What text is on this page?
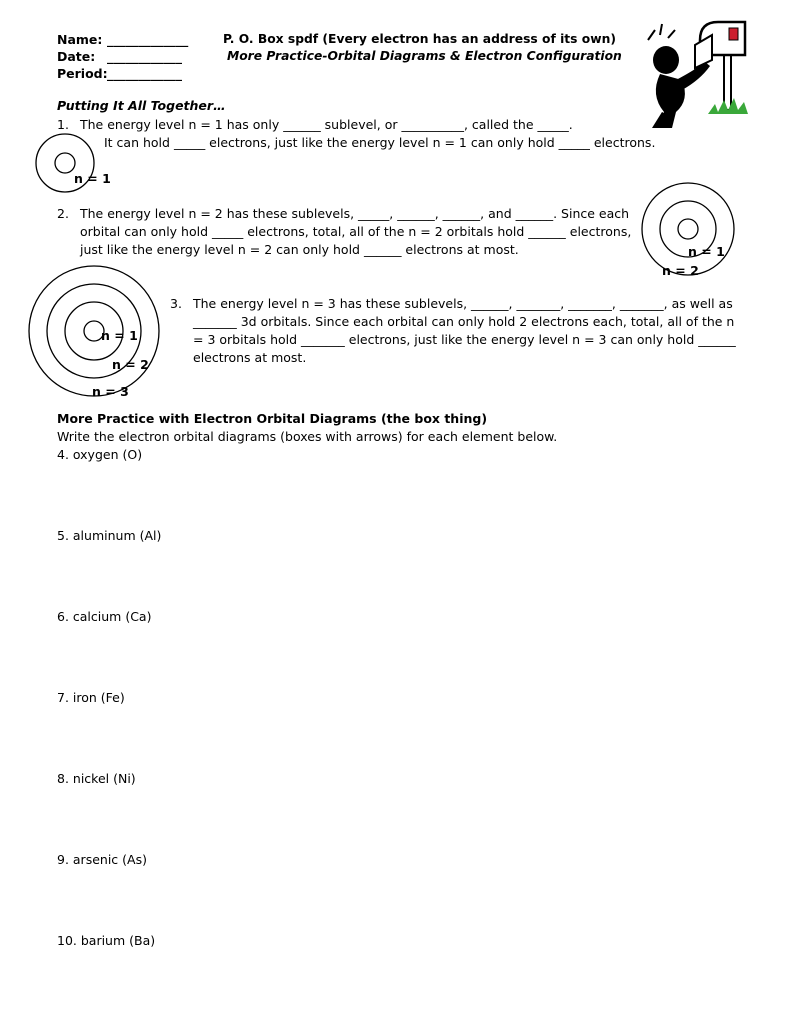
Name: _____________
Date: ____________
Period: ____________
P. O. Box spdf (Every electron has an address of its own)
More Practice-Orbital Diagrams & Electron Configuration
Putting It All Together…
1. The energy level n = 1 has only ______ sublevel, or __________, called the _____.
It can hold _____ electrons, just like the energy level n = 1 can only hold _____ electrons.
n = 1
2. The energy level n = 2 has these sublevels, _____, ______, ______, and ______. Since each
orbital can only hold _____ electrons, total, all of the n = 2 orbitals hold ______ electrons,
just like the energy level n = 2 can only hold ______ electrons at most.	n = 1
n = 2
3. The energy level n = 3 has these sublevels, ______, _______, _______, _______, as well as
_______ 3d orbitals. Since each orbital can only hold 2 electrons each, total, all of the n
= 3 orbitals hold _______ electrons, just like the energy level n = 3 can only hold ______
electrons at most.
n = 1
n = 2
n = 3
More Practice with Electron Orbital Diagrams (the box thing)
Write the electron orbital diagrams (boxes with arrows) for each element below.
4. oxygen (O)
5. aluminum (Al)
6. calcium (Ca)
7. iron (Fe)
8. nickel (Ni)
9. arsenic (As)
10. barium (Ba)
